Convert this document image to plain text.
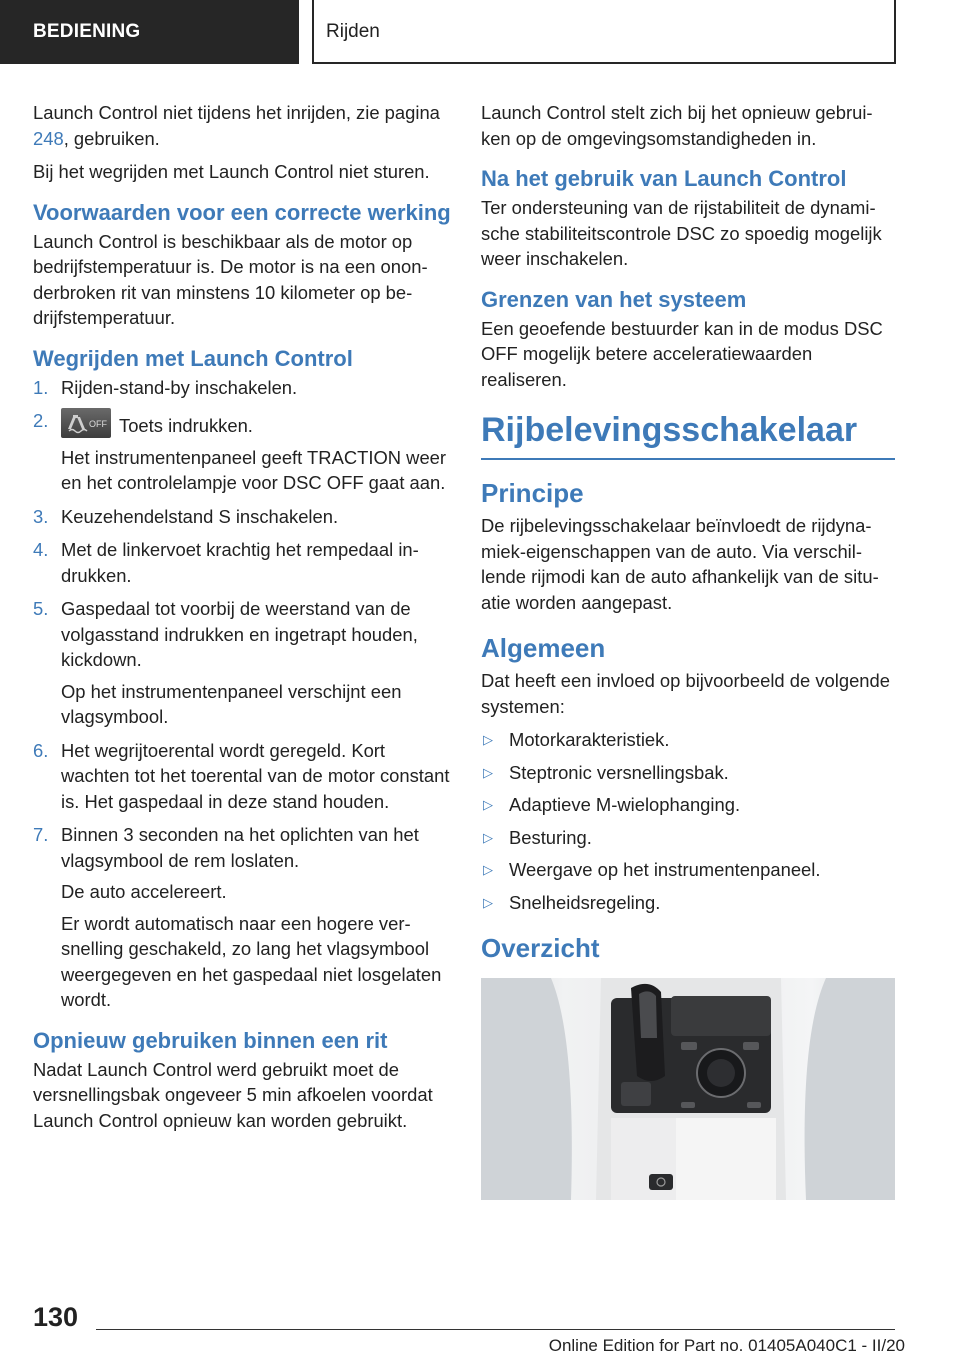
BEDIENING	Rijden

Launch Control niet tijdens het inrijden, zie pagina 248, gebruiken.

Bij het wegrijden met Launch Control niet sturen.

Voorwaarden voor een correcte werking

Launch Control is beschikbaar als de motor op bedrijfstemperatuur is. De motor is na een ononderbroken rit van minstens 10 kilometer op bedrijfstemperatuur.

Wegrijden met Launch Control
1. Rijden-stand-by inschakelen.
2.	OFF Toets indrukken.
Het instrumentenpaneel geeft TRACTION weer en het controlelampje voor DSC OFF gaat aan.
3. Keuzehendelstand S inschakelen.
4. Met de linkervoet krachtig het rempedaal indrukken.
5. Gaspedaal tot voorbij de weerstand van de volgasstand indrukken en ingetrapt houden, kickdown.
Op het instrumentenpaneel verschijnt een vlagsymbool.
6. Het wegrijtoerental wordt geregeld. Kort wachten tot het toerental van de motor constant is. Het gaspedaal in deze stand houden.
7. Binnen 3 seconden na het oplichten van het vlagsymbool de rem loslaten.
De auto accelereert.
Er wordt automatisch naar een hogere versnelling geschakeld, zo lang het vlagsymbool weergegeven en het gaspedaal niet losgelaten wordt.
Opnieuw gebruiken binnen een rit

Nadat Launch Control werd gebruikt moet de versnellingsbak ongeveer 5 min afkoelen voordat Launch Control opnieuw kan worden gebruikt.

Launch Control stelt zich bij het opnieuw gebruiken op de omgevingsomstandigheden in.

Na het gebruik van Launch Control

Ter ondersteuning van de rijstabiliteit de dynamische stabiliteitscontrole DSC zo spoedig mogelijk weer inschakelen.

Grenzen van het systeem

Een geoefende bestuurder kan in de modus DSC OFF mogelijk betere acceleratiewaarden realiseren.

Rijbelevingsschakelaar
Principe

De rijbelevingsschakelaar beïnvloedt de rijdynamiek-eigenschappen van de auto. Via verschillende rijmodi kan de auto afhankelijk van de situatie worden aangepast.

Algemeen

Dat heeft een invloed op bijvoorbeeld de volgende systemen:

▷ Motorkarakteristiek.
▷ Steptronic versnellingsbak.
▷ Adaptieve M-wielophanging.
▷ Besturing.
▷ Weergave op het instrumentenpaneel.
▷ Snelheidsregeling.
Overzicht
130
Online Edition for Part no. 01405A040C1 - II/20
